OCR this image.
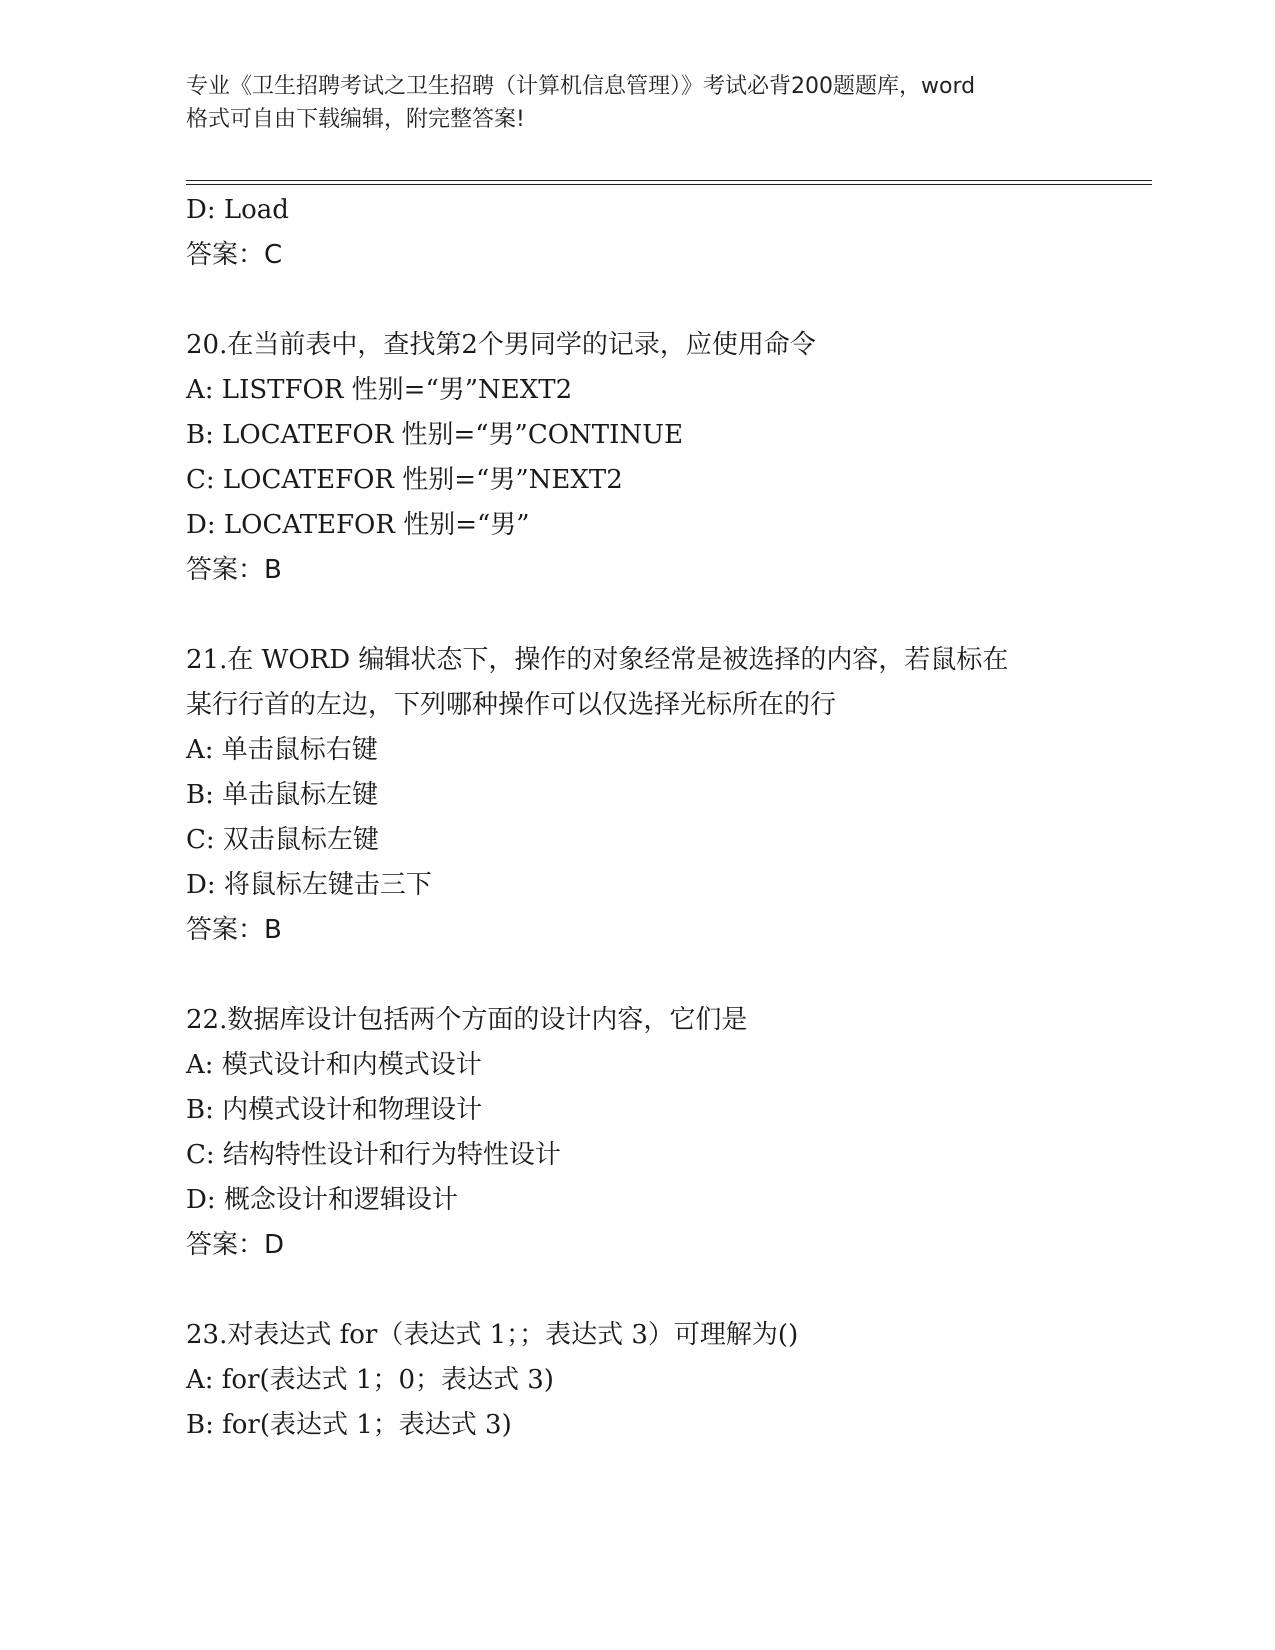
专业《卫生招聘考试之卫生招聘（计算机信息管理）》考试必背200题题库，word
格式可自由下载编辑，附完整答案!
D: Load
答案：C
20.在当前表中，查找第2个男同学的记录，应使用命令
A: LISTFOR 性别=“男”NEXT2
B: LOCATEFOR 性别=“男”CONTINUE
C: LOCATEFOR 性别=“男”NEXT2
D: LOCATEFOR 性别=“男”
答案：B
21.在 WORD 编辑状态下，操作的对象经常是被选择的内容，若鼠标在
某行行首的左边，下列哪种操作可以仅选择光标所在的行
A: 单击鼠标右键
B: 单击鼠标左键
C: 双击鼠标左键
D: 将鼠标左键击三下
答案：B
22.数据库设计包括两个方面的设计内容，它们是
A: 模式设计和内模式设计
B: 内模式设计和物理设计
C: 结构特性设计和行为特性设计
D: 概念设计和逻辑设计
答案：D
23.对表达式 for（表达式 1；；表达式 3）可理解为()
A: for(表达式 1；0；表达式 3)
B: for(表达式 1；表达式 3)
